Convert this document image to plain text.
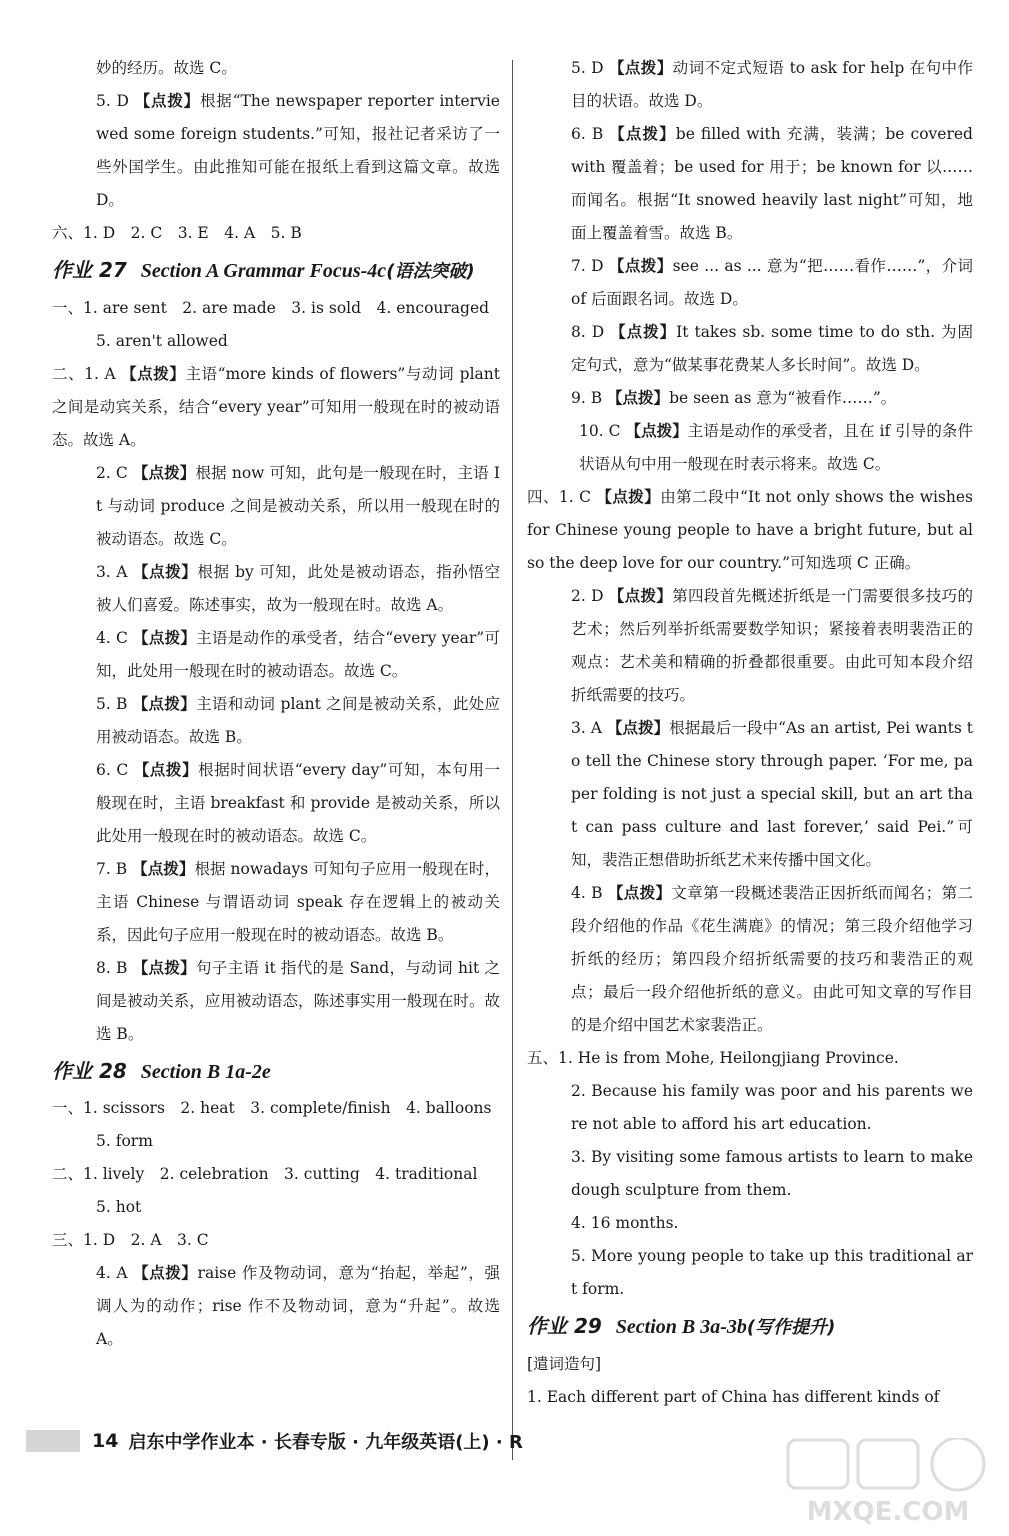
妙的经历。故选 C。
5. D 【点拨】根据“The newspaper reporter interviewed some foreign students.”可知，报社记者采访了一些外国学生。由此推知可能在报纸上看到这篇文章。故选 D。
六、1. D　2. C　3. E　4. A　5. B
作业 27 Section A Grammar Focus-4c(语法突破)
一、1. are sent　2. are made　3. is sold　4. encouraged
5. aren't allowed
二、1. A 【点拨】主语“more kinds of flowers”与动词 plant 之间是动宾关系，结合“every year”可知用一般现在时的被动语态。故选 A。
2. C 【点拨】根据 now 可知，此句是一般现在时，主语 It 与动词 produce 之间是被动关系，所以用一般现在时的被动语态。故选 C。
3. A 【点拨】根据 by 可知，此处是被动语态，指孙悟空被人们喜爱。陈述事实，故为一般现在时。故选 A。
4. C 【点拨】主语是动作的承受者，结合“every year”可知，此处用一般现在时的被动语态。故选 C。
5. B 【点拨】主语和动词 plant 之间是被动关系，此处应用被动语态。故选 B。
6. C 【点拨】根据时间状语“every day”可知，本句用一般现在时，主语 breakfast 和 provide 是被动关系，所以此处用一般现在时的被动语态。故选 C。
7. B 【点拨】根据 nowadays 可知句子应用一般现在时，主语 Chinese 与谓语动词 speak 存在逻辑上的被动关系，因此句子应用一般现在时的被动语态。故选 B。
8. B 【点拨】句子主语 it 指代的是 Sand，与动词 hit 之间是被动关系，应用被动语态，陈述事实用一般现在时。故选 B。
作业 28 Section B 1a-2e
一、1. scissors　2. heat　3. complete/finish　4. balloons
5. form
二、1. lively　2. celebration　3. cutting　4. traditional
5. hot
三、1. D　2. A　3. C
4. A 【点拨】raise 作及物动词，意为“抬起，举起”，强调人为的动作；rise 作不及物动词，意为“升起”。故选 A。
5. D 【点拨】动词不定式短语 to ask for help 在句中作目的状语。故选 D。
6. B 【点拨】be filled with 充满，装满；be covered with 覆盖着；be used for 用于；be known for 以……而闻名。根据“It snowed heavily last night”可知，地面上覆盖着雪。故选 B。
7. D 【点拨】see ... as ... 意为“把……看作……”，介词 of 后面跟名词。故选 D。
8. D 【点拨】It takes sb. some time to do sth. 为固定句式，意为“做某事花费某人多长时间”。故选 D。
9. B 【点拨】be seen as 意为“被看作……”。
10. C 【点拨】主语是动作的承受者，且在 if 引导的条件状语从句中用一般现在时表示将来。故选 C。
四、1. C 【点拨】由第二段中“It not only shows the wishes for Chinese young people to have a bright future, but also the deep love for our country.”可知选项 C 正确。
2. D 【点拨】第四段首先概述折纸是一门需要很多技巧的艺术；然后列举折纸需要数学知识；紧接着表明裴浩正的观点：艺术美和精确的折叠都很重要。由此可知本段介绍折纸需要的技巧。
3. A 【点拨】根据最后一段中“As an artist, Pei wants to tell the Chinese story through paper. ‘For me, paper folding is not just a special skill, but an art that can pass culture and last forever,’ said Pei.”可知，裴浩正想借助折纸艺术来传播中国文化。
4. B 【点拨】文章第一段概述裴浩正因折纸而闻名；第二段介绍他的作品《花生满鹿》的情况；第三段介绍他学习折纸的经历；第四段介绍折纸需要的技巧和裴浩正的观点；最后一段介绍他折纸的意义。由此可知文章的写作目的是介绍中国艺术家裴浩正。
五、1. He is from Mohe, Heilongjiang Province.
2. Because his family was poor and his parents were not able to afford his art education.
3. By visiting some famous artists to learn to make dough sculpture from them.
4. 16 months.
5. More young people to take up this traditional art form.
作业 29 Section B 3a-3b(写作提升)
[遣词造句]
1. Each different part of China has different kinds of
14 启东中学作业本 · 长春专版 · 九年级英语(上) · R
MXQE.COM
